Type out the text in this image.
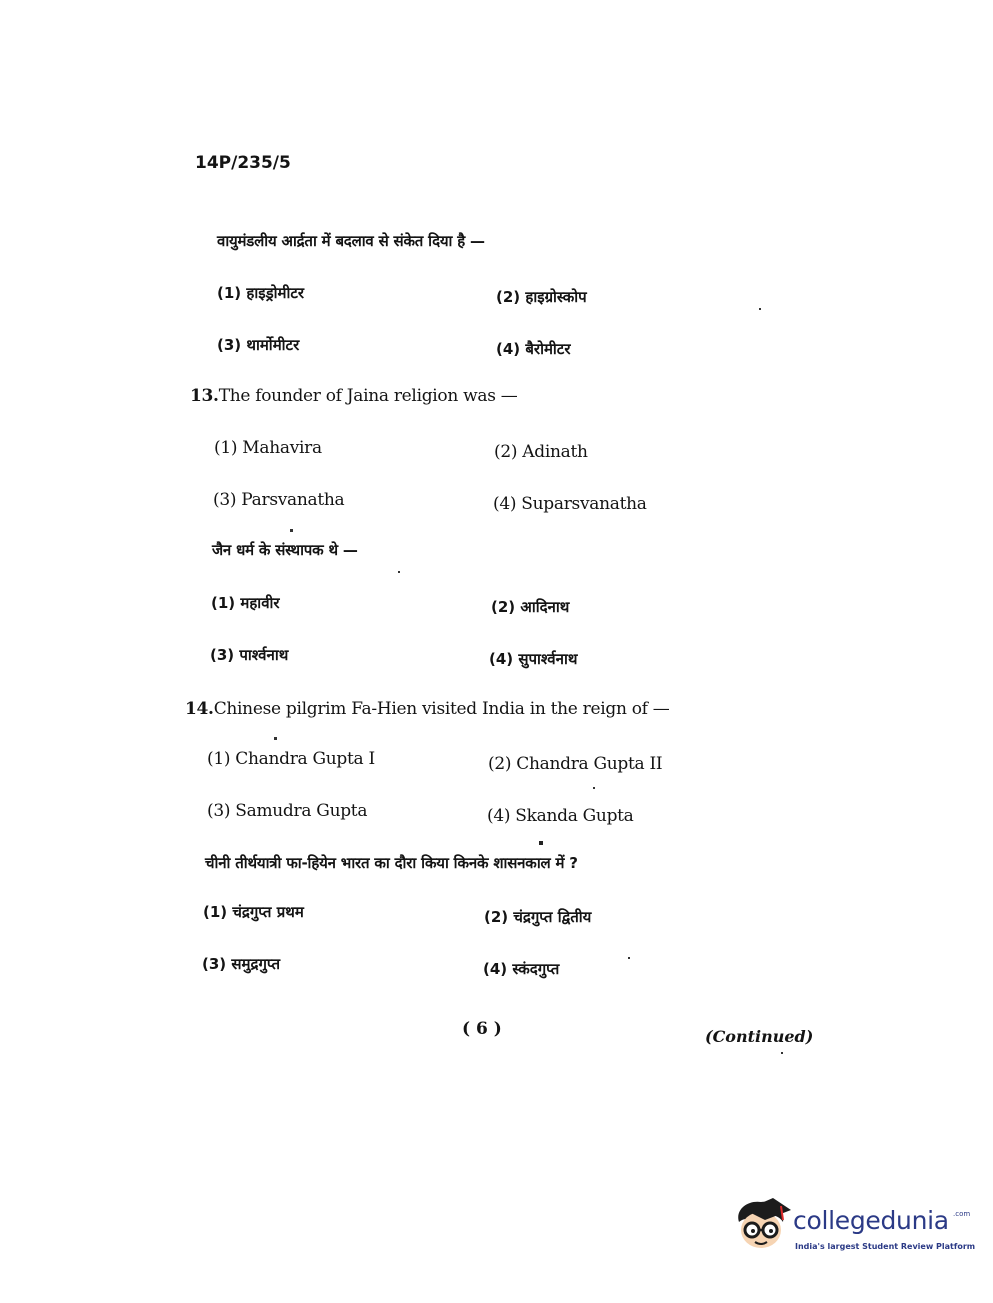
14P/235/5
वायुमंडलीय आर्द्रता में बदलाव से संकेत दिया है —
(1) हाइड्रोमीटर	(2) हाइग्रोस्कोप
(3) थार्मोमीटर	(4) बैरोमीटर
13.The founder of Jaina religion was —
(1) Mahavira	(2) Adinath
(3) Parsvanatha	(4) Suparsvanatha
जैन धर्म के संस्थापक थे —
(1) महावीर	(2) आदिनाथ
(3) पार्श्वनाथ	(4) सुपार्श्वनाथ
14.Chinese pilgrim Fa-Hien visited India in the reign of —
(1) Chandra Gupta I	(2) Chandra Gupta II
(3) Samudra Gupta	(4) Skanda Gupta
चीनी तीर्थयात्री फा-हियेन भारत का दौरा किया किनके शासनकाल में ?
(1) चंद्रगुप्त प्रथम	(2) चंद्रगुप्त द्वितीय
(3) समुद्रगुप्त	(4) स्कंदगुप्त
( 6 )	(Continued)
collegedunia .com
India's largest Student Review Platform
